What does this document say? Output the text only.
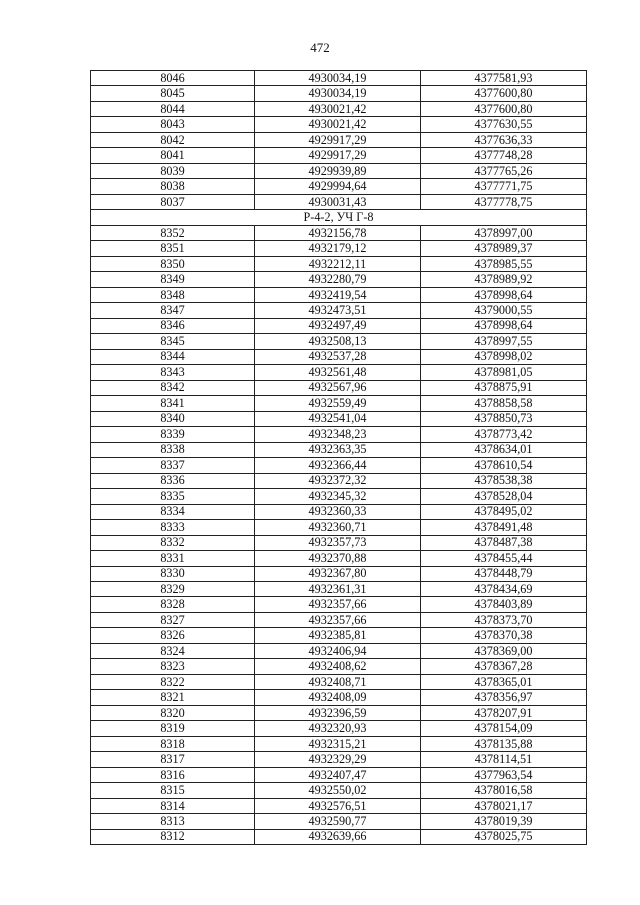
472
8046	4930034,19	4377581,93
8045	4930034,19	4377600,80
8044	4930021,42	4377600,80
8043	4930021,42	4377630,55
8042	4929917,29	4377636,33
8041	4929917,29	4377748,28
8039	4929939,89	4377765,26
8038	4929994,64	4377771,75
8037	4930031,43	4377778,75
Р-4-2, УЧ Г-8		
8352	4932156,78	4378997,00
8351	4932179,12	4378989,37
8350	4932212,11	4378985,55
8349	4932280,79	4378989,92
8348	4932419,54	4378998,64
8347	4932473,51	4379000,55
8346	4932497,49	4378998,64
8345	4932508,13	4378997,55
8344	4932537,28	4378998,02
8343	4932561,48	4378981,05
8342	4932567,96	4378875,91
8341	4932559,49	4378858,58
8340	4932541,04	4378850,73
8339	4932348,23	4378773,42
8338	4932363,35	4378634,01
8337	4932366,44	4378610,54
8336	4932372,32	4378538,38
8335	4932345,32	4378528,04
8334	4932360,33	4378495,02
8333	4932360,71	4378491,48
8332	4932357,73	4378487,38
8331	4932370,88	4378455,44
8330	4932367,80	4378448,79
8329	4932361,31	4378434,69
8328	4932357,66	4378403,89
8327	4932357,66	4378373,70
8326	4932385,81	4378370,38
8324	4932406,94	4378369,00
8323	4932408,62	4378367,28
8322	4932408,71	4378365,01
8321	4932408,09	4378356,97
8320	4932396,59	4378207,91
8319	4932320,93	4378154,09
8318	4932315,21	4378135,88
8317	4932329,29	4378114,51
8316	4932407,47	4377963,54
8315	4932550,02	4378016,58
8314	4932576,51	4378021,17
8313	4932590,77	4378019,39
8312	4932639,66	4378025,75
